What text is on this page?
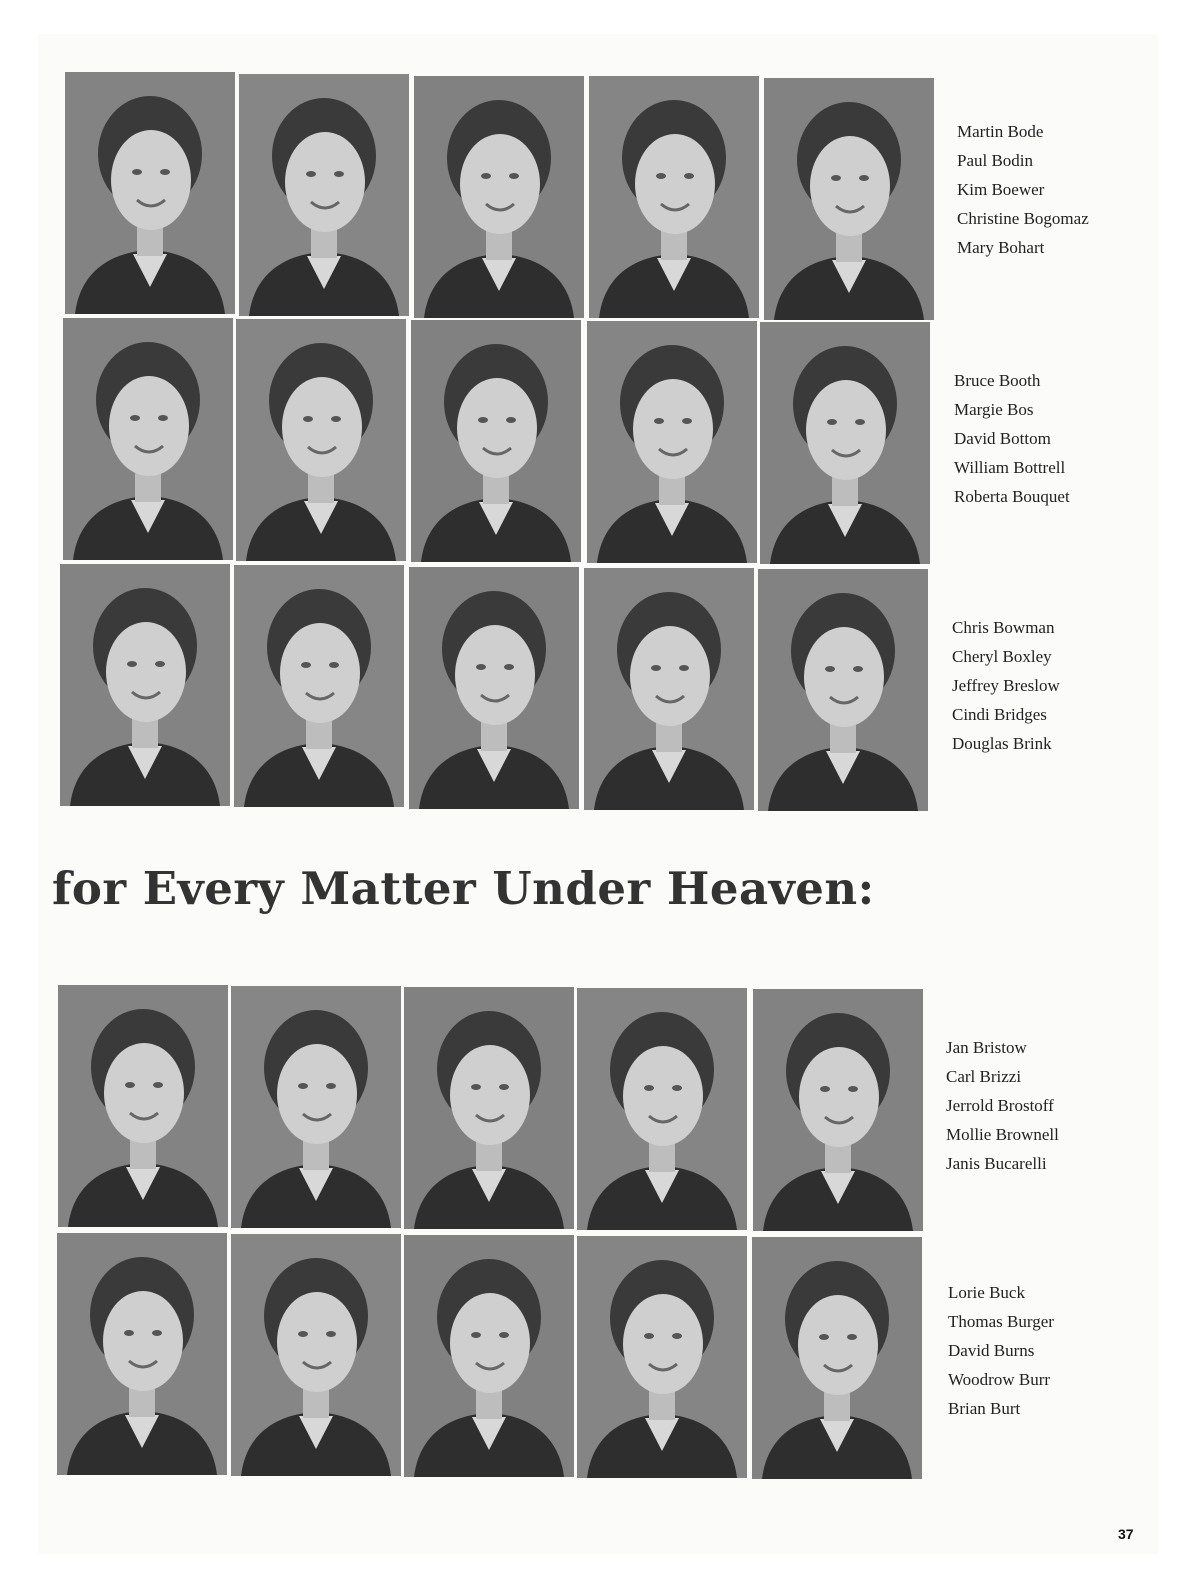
Martin Bode
Paul Bodin
Kim Boewer
Christine Bogomaz
Mary Bohart
Bruce Booth
Margie Bos
David Bottom
William Bottrell
Roberta Bouquet
Chris Bowman
Cheryl Boxley
Jeffrey Breslow
Cindi Bridges
Douglas Brink
for Every Matter Under Heaven:
Jan Bristow
Carl Brizzi
Jerrold Brostoff
Mollie Brownell
Janis Bucarelli
Lorie Buck
Thomas Burger
David Burns
Woodrow Burr
Brian Burt
37
